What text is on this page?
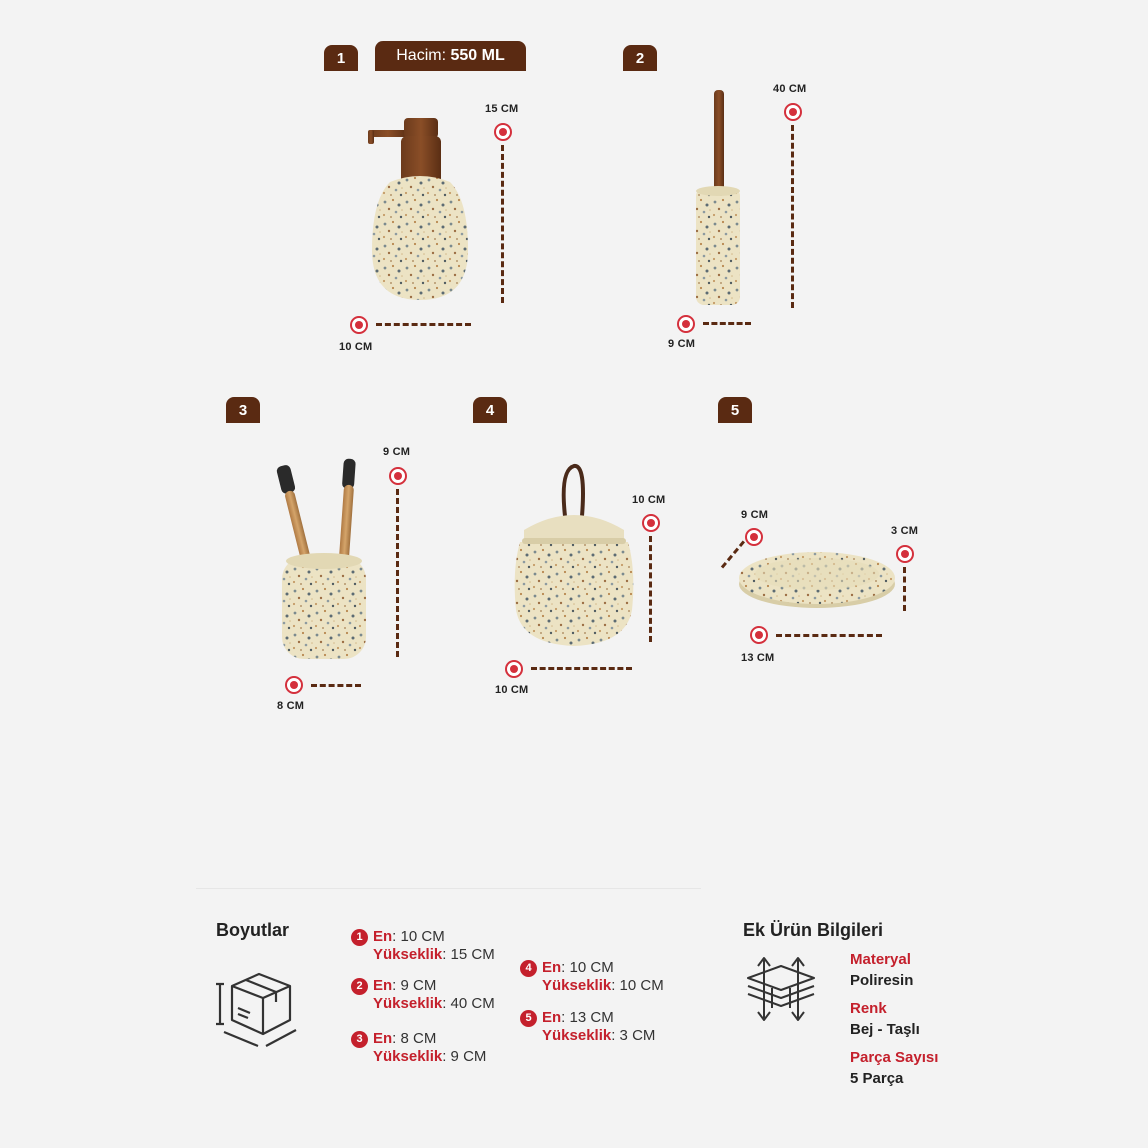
1	Hacim: 550 ML
15 CM
10 CM
2
40 CM
9 CM
3
9 CM
8 CM
4
10 CM
10 CM
5
9 CM
3 CM
13 CM
Boyutlar	1 En: 10 CM
Yükseklik: 15 CM
2 En: 9 CM
Yükseklik: 40 CM
3 En: 8 CM
Yükseklik: 9 CM
4 En: 10 CM
Yükseklik: 10 CM
5 En: 13 CM
Yükseklik: 3 CM
Ek Ürün Bilgileri
Materyal
Poliresin
Renk
Bej - Taşlı
Parça Sayısı
5 Parça
